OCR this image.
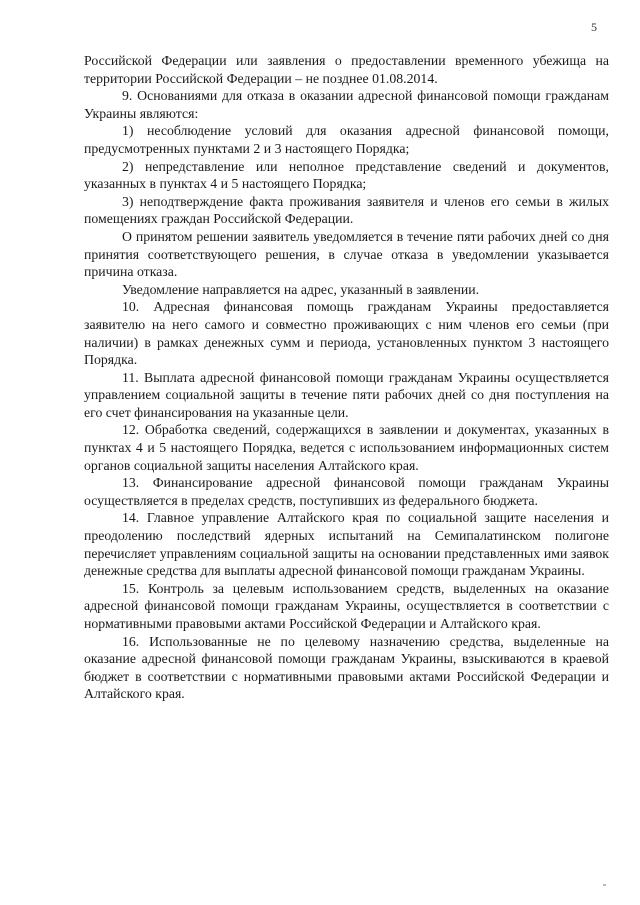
5

Российской Федерации или заявления о предоставлении временного убежища на территории Российской Федерации – не позднее 01.08.2014.

9. Основаниями для отказа в оказании адресной финансовой помощи гражданам Украины являются:

1) несоблюдение условий для оказания адресной финансовой помощи, предусмотренных пунктами 2 и 3 настоящего Порядка;

2) непредставление или неполное представление сведений и документов, указанных в пунктах 4 и 5 настоящего Порядка;

3) неподтверждение факта проживания заявителя и членов его семьи в жилых помещениях граждан Российской Федерации.

О принятом решении заявитель уведомляется в течение пяти рабочих дней со дня принятия соответствующего решения, в случае отказа в уведомлении указывается причина отказа.

Уведомление направляется на адрес, указанный в заявлении.

10. Адресная финансовая помощь гражданам Украины предоставляется заявителю на него самого и совместно проживающих с ним членов его семьи (при наличии) в рамках денежных сумм и периода, установленных пунктом 3 настоящего Порядка.

11. Выплата адресной финансовой помощи гражданам Украины осуществляется управлением социальной защиты в течение пяти рабочих дней со дня поступления на его счет финансирования на указанные цели.

12. Обработка сведений, содержащихся в заявлении и документах, указанных в пунктах 4 и 5 настоящего Порядка, ведется с использованием информационных систем органов социальной защиты населения Алтайского края.

13. Финансирование адресной финансовой помощи гражданам Украины осуществляется в пределах средств, поступивших из федерального бюджета.

14. Главное управление Алтайского края по социальной защите населения и преодолению последствий ядерных испытаний на Семипалатинском полигоне перечисляет управлениям социальной защиты на основании представленных ими заявок денежные средства для выплаты адресной финансовой помощи гражданам Украины.

15. Контроль за целевым использованием средств, выделенных на оказание адресной финансовой помощи гражданам Украины, осуществляется в соответствии с нормативными правовыми актами Российской Федерации и Алтайского края.

16. Использованные не по целевому назначению средства, выделенные на оказание адресной финансовой помощи гражданам Украины, взыскиваются в краевой бюджет в соответствии с нормативными правовыми актами Российской Федерации и Алтайского края.
